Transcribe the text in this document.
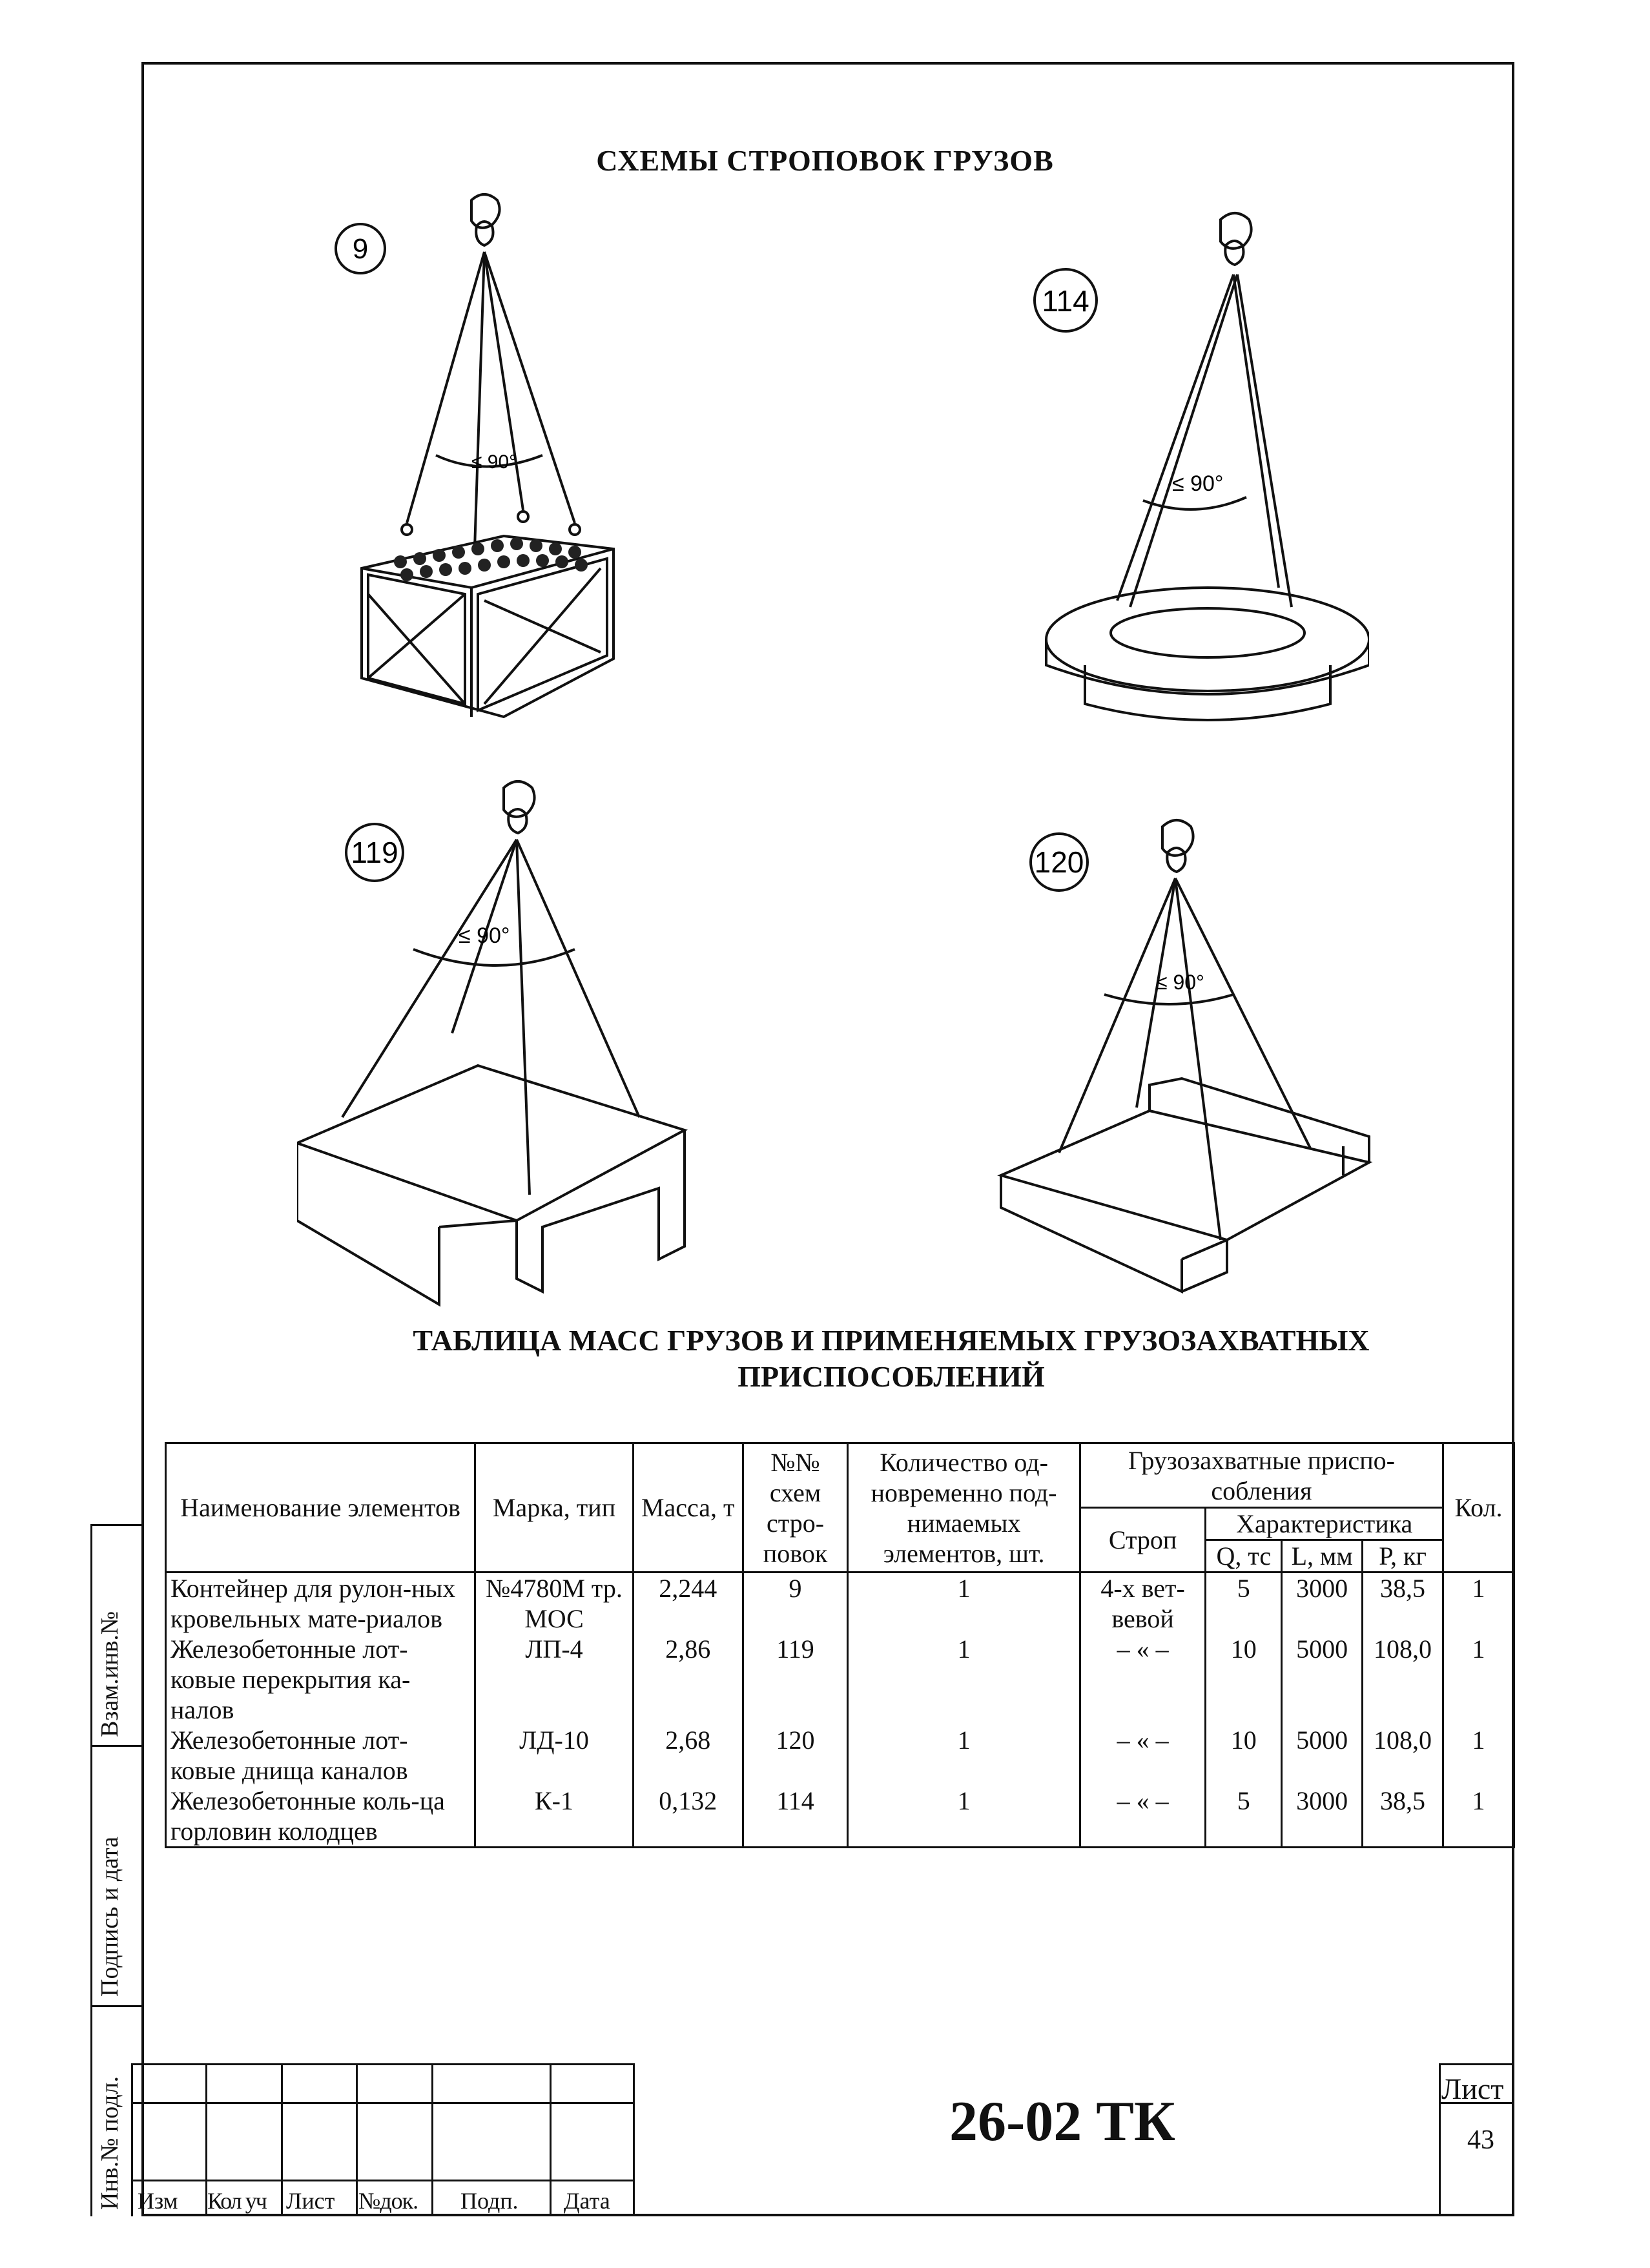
СХЕМЫ СТРОПОВОК ГРУЗОВ
9
≤ 90°
114
≤ 90°
119
≤ 90°
120
≤ 90°
ТАБЛИЦА МАСС ГРУЗОВ И ПРИМЕНЯЕМЫХ ГРУЗОЗАХВАТНЫХ
ПРИСПОСОБЛЕНИЙ
Наименование элементов	Марка, тип	Масса, т	№№ схем стро-повок	Количество од-новременно под-нимаемых элементов, шт.	Грузозахватные приспо-собления				Кол.
					Строп	Характеристика			
						Q, тс	L, мм	P, кг	
Контейнер для рулон-ных кровельных мате-риалов	№4780М тр. МОС	2,244	9	1	4-х вет-вевой	5	3000	38,5	1
Железобетонные лот-ковые перекрытия ка-налов	ЛП-4	2,86	119	1	– « –	10	5000	108,0	1
Железобетонные лот-ковые днища каналов	ЛД-10	2,68	120	1	– « –	10	5000	108,0	1
Железобетонные коль-ца горловин колодцев	К-1	0,132	114	1	– « –	5	3000	38,5	1
Взам.инв.№
Подпись и дата
Инв.№ подл. Изм Кол уч Лист №док. Подп. Дата
26-02 ТК
Лист
43
